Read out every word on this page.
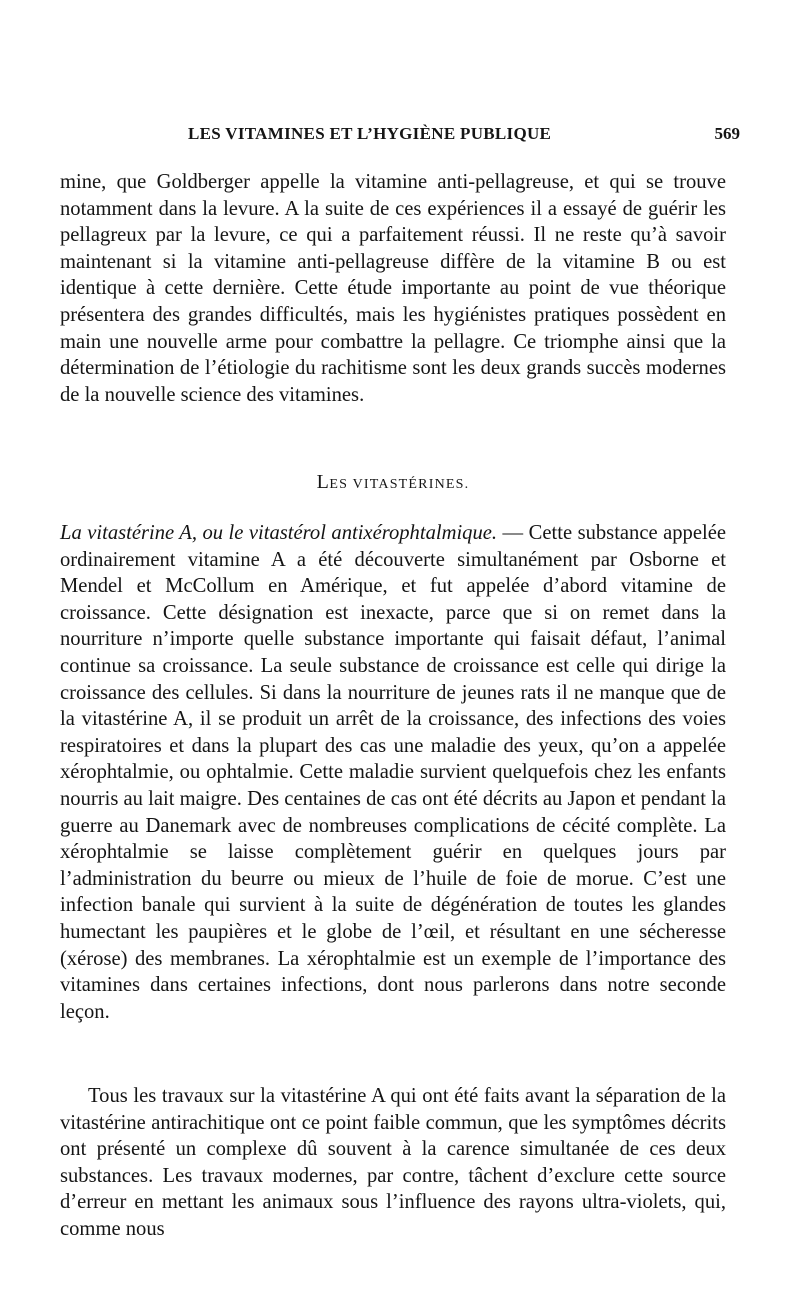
LES VITAMINES ET L’HYGIÈNE PUBLIQUE	569

mine, que Goldberger appelle la vitamine anti-pellagreuse, et qui se trouve notamment dans la levure. A la suite de ces expériences il a essayé de guérir les pellagreux par la levure, ce qui a parfaitement réussi. Il ne reste qu’à savoir maintenant si la vitamine anti-pellagreuse diffère de la vitamine B ou est identique à cette dernière. Cette étude importante au point de vue théorique présentera des grandes difficultés, mais les hygiénistes pratiques possèdent en main une nouvelle arme pour combattre la pellagre. Ce triomphe ainsi que la détermination de l’étiologie du rachitisme sont les deux grands succès modernes de la nouvelle science des vitamines.

LES VITASTÉRINES.

La vitastérine A, ou le vitastérol antixérophtalmique. — Cette substance appelée ordinairement vitamine A a été découverte simultanément par Osborne et Mendel et McCollum en Amérique, et fut appelée d’abord vitamine de croissance. Cette désignation est inexacte, parce que si on remet dans la nourriture n’importe quelle substance importante qui faisait défaut, l’animal continue sa croissance. La seule substance de croissance est celle qui dirige la croissance des cellules. Si dans la nourriture de jeunes rats il ne manque que de la vitastérine A, il se produit un arrêt de la croissance, des infections des voies respiratoires et dans la plupart des cas une maladie des yeux, qu’on a appelée xérophtalmie, ou ophtalmie. Cette maladie survient quelquefois chez les enfants nourris au lait maigre. Des centaines de cas ont été décrits au Japon et pendant la guerre au Danemark avec de nombreuses complications de cécité complète. La xérophtalmie se laisse complètement guérir en quelques jours par l’administration du beurre ou mieux de l’huile de foie de morue. C’est une infection banale qui survient à la suite de dégénération de toutes les glandes humectant les paupières et le globe de l’œil, et résultant en une sécheresse (xérose) des membranes. La xérophtalmie est un exemple de l’importance des vitamines dans certaines infections, dont nous parlerons dans notre seconde leçon.

Tous les travaux sur la vitastérine A qui ont été faits avant la séparation de la vitastérine antirachitique ont ce point faible commun, que les symptômes décrits ont présenté un complexe dû souvent à la carence simultanée de ces deux substances. Les travaux modernes, par contre, tâchent d’exclure cette source d’erreur en mettant les animaux sous l’influence des rayons ultra-violets, qui, comme nous
